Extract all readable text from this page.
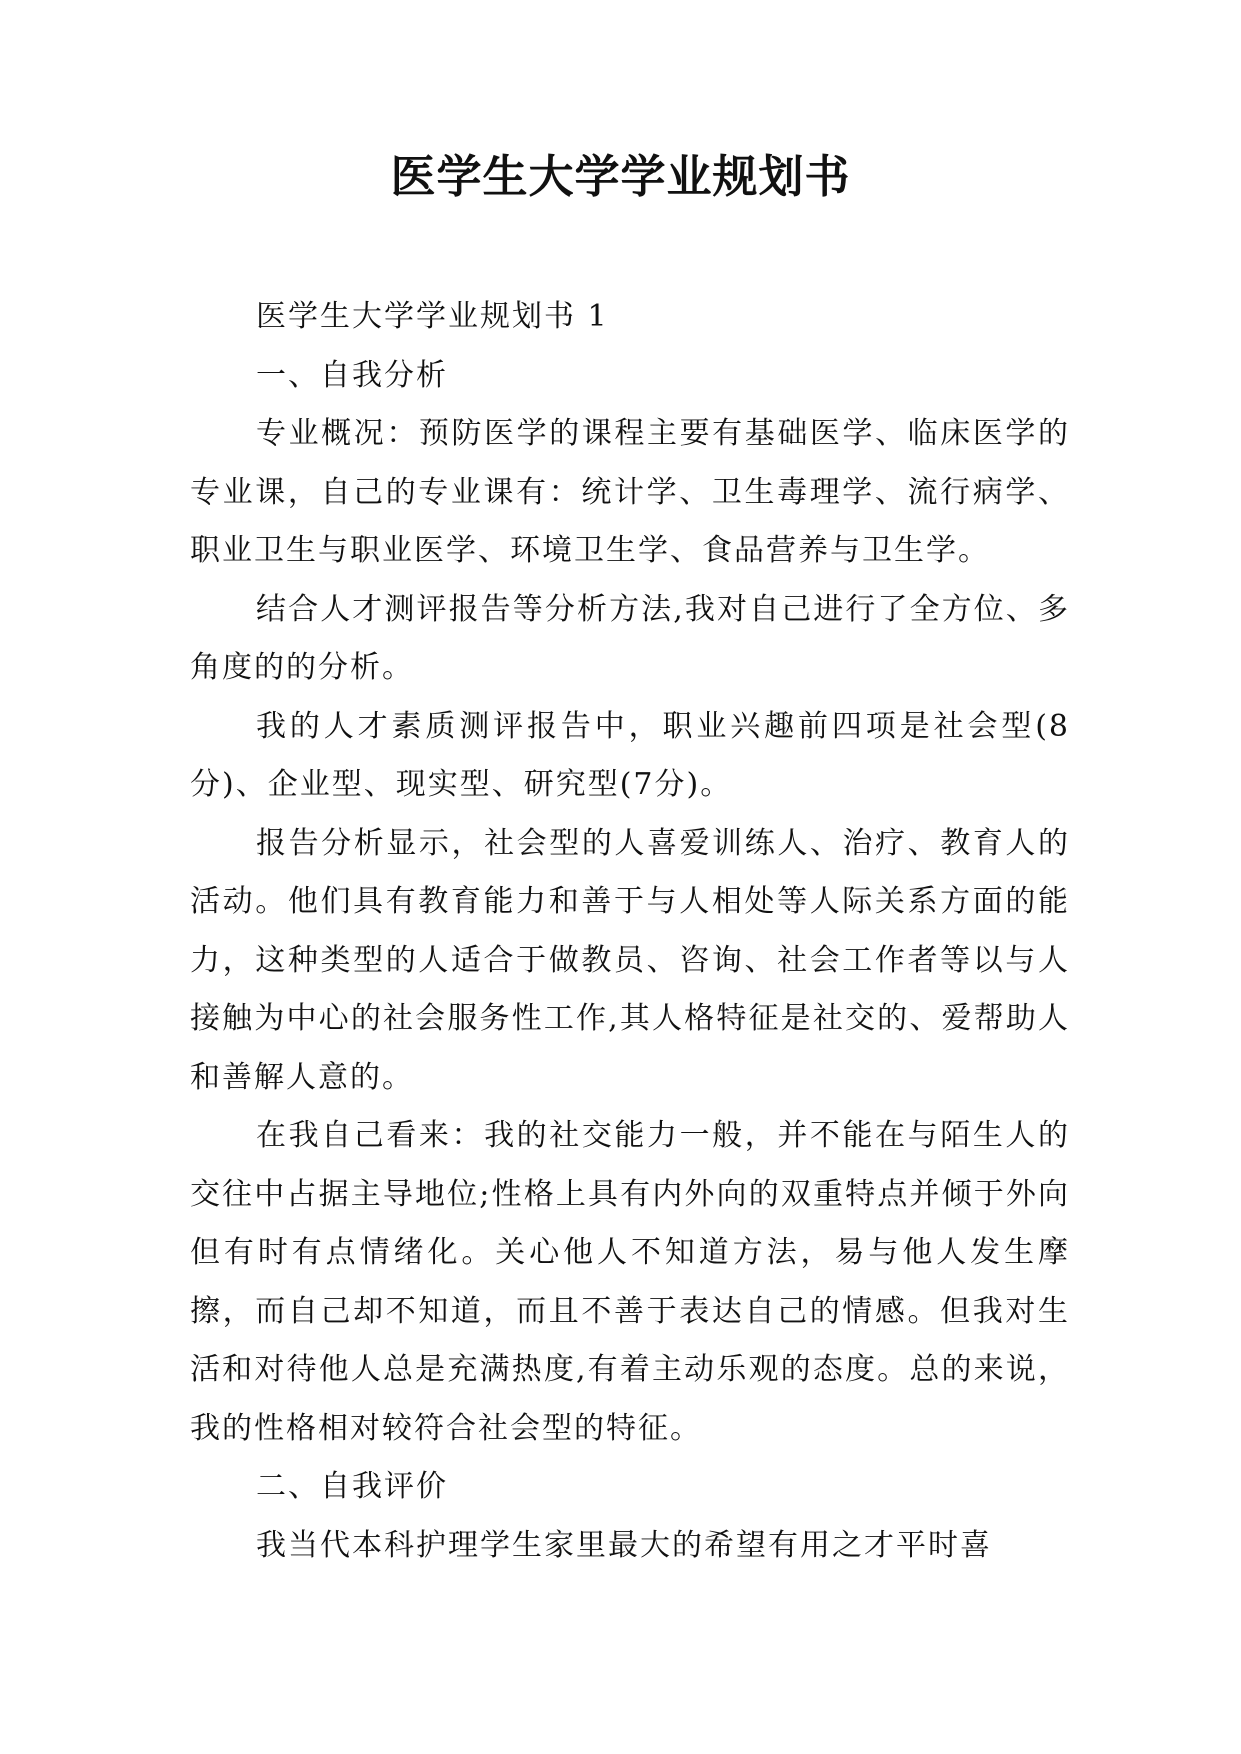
医学生大学学业规划书

医学生大学学业规划书 1

一、自我分析

专业概况：预防医学的课程主要有基础医学、临床医学的专业课，自己的专业课有：统计学、卫生毒理学、流行病学、职业卫生与职业医学、环境卫生学、食品营养与卫生学。

结合人才测评报告等分析方法,我对自己进行了全方位、多角度的的分析。

我的人才素质测评报告中，职业兴趣前四项是社会型(8分)、企业型、现实型、研究型(7分)。

报告分析显示，社会型的人喜爱训练人、治疗、教育人的活动。他们具有教育能力和善于与人相处等人际关系方面的能力，这种类型的人适合于做教员、咨询、社会工作者等以与人接触为中心的社会服务性工作,其人格特征是社交的、爱帮助人和善解人意的。

在我自己看来：我的社交能力一般，并不能在与陌生人的交往中占据主导地位;性格上具有内外向的双重特点并倾于外向但有时有点情绪化。关心他人不知道方法，易与他人发生摩擦，而自己却不知道，而且不善于表达自己的情感。但我对生活和对待他人总是充满热度,有着主动乐观的态度。总的来说，我的性格相对较符合社会型的特征。

二、自我评价

我当代本科护理学生家里最大的希望有用之才平时喜
